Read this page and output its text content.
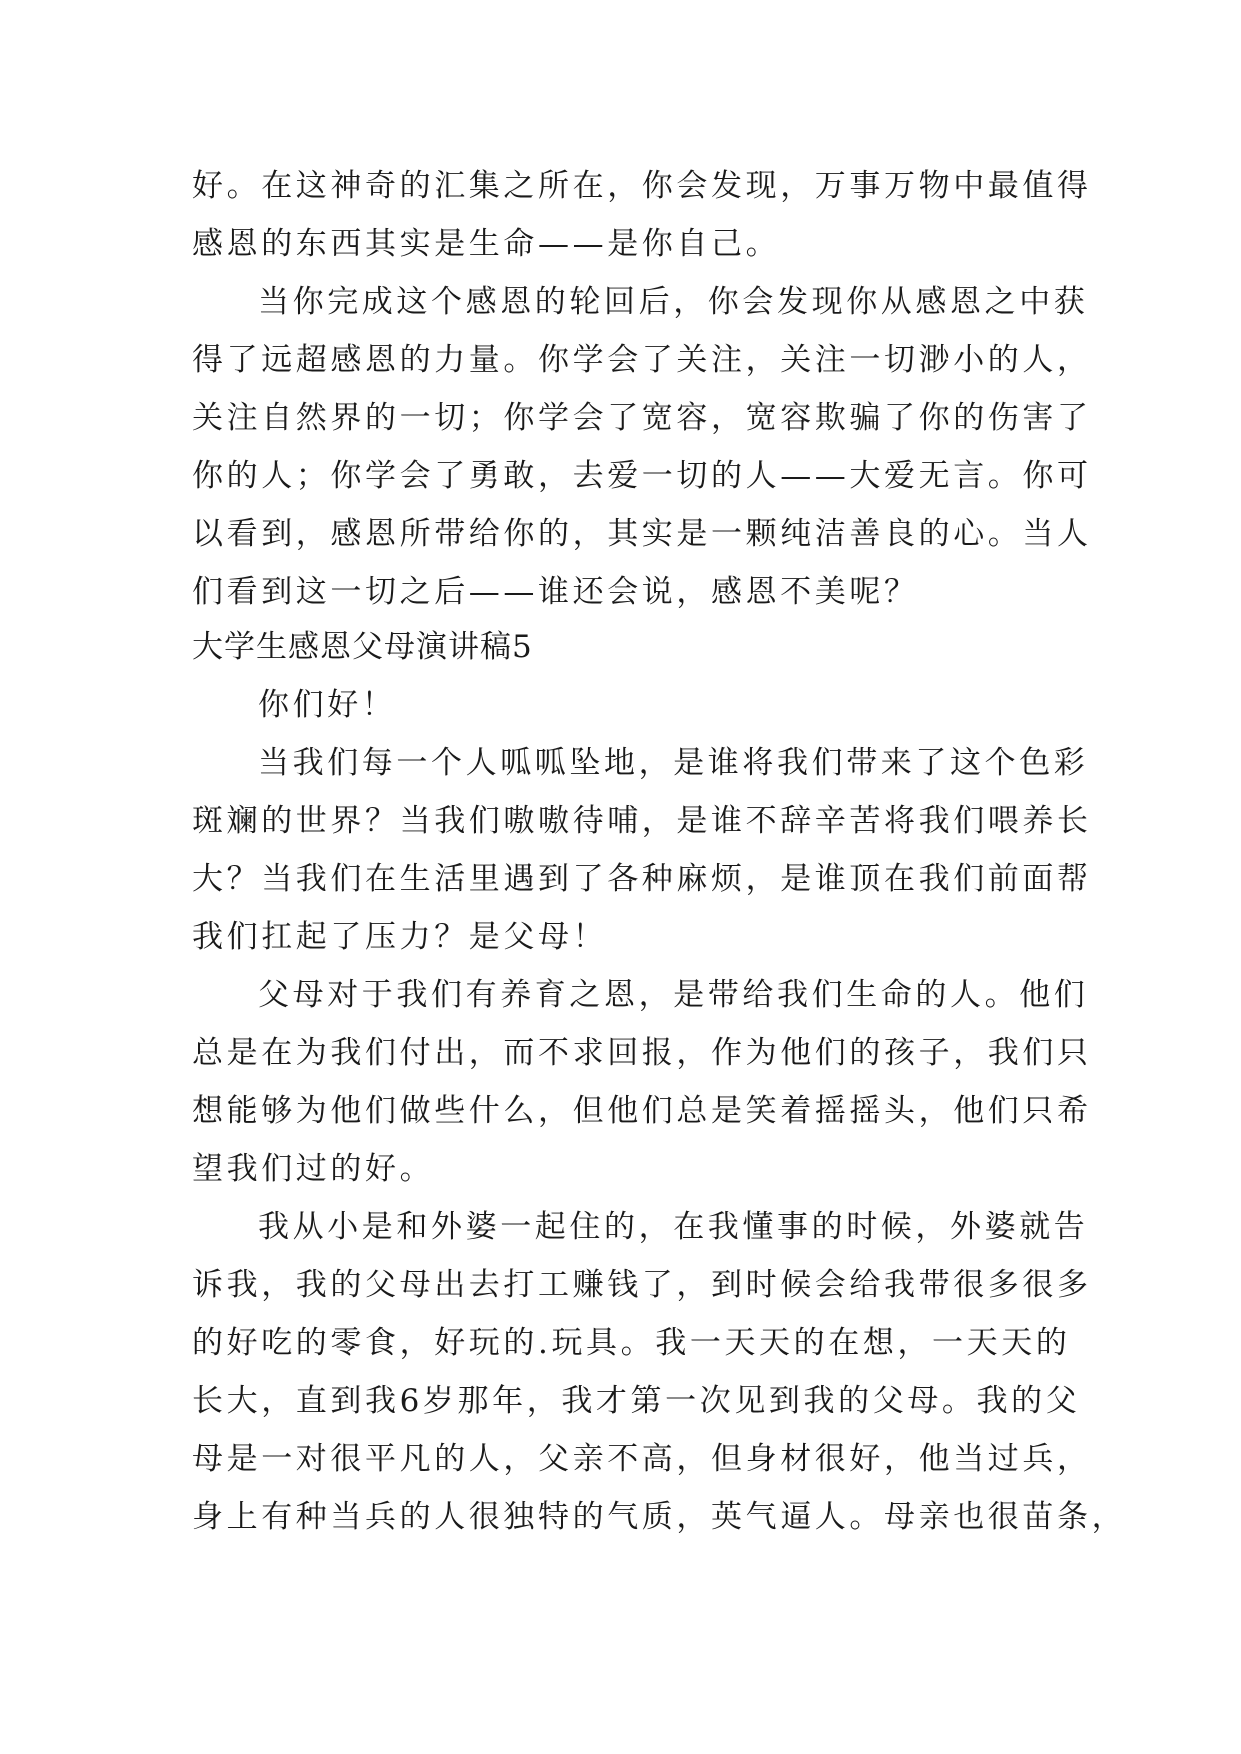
好。在这神奇的汇集之所在，你会发现，万事万物中最值得
感恩的东西其实是生命——是你自己。
当你完成这个感恩的轮回后，你会发现你从感恩之中获
得了远超感恩的力量。你学会了关注，关注一切渺小的人，
关注自然界的一切；你学会了宽容，宽容欺骗了你的伤害了
你的人；你学会了勇敢，去爱一切的人——大爱无言。你可
以看到，感恩所带给你的，其实是一颗纯洁善良的心。当人
们看到这一切之后——谁还会说，感恩不美呢？
大学生感恩父母演讲稿5
你们好！
当我们每一个人呱呱坠地，是谁将我们带来了这个色彩
斑斓的世界？当我们嗷嗷待哺，是谁不辞辛苦将我们喂养长
大？当我们在生活里遇到了各种麻烦，是谁顶在我们前面帮
我们扛起了压力？是父母！
父母对于我们有养育之恩，是带给我们生命的人。他们
总是在为我们付出，而不求回报，作为他们的孩子，我们只
想能够为他们做些什么，但他们总是笑着摇摇头，他们只希
望我们过的好。
我从小是和外婆一起住的，在我懂事的时候，外婆就告
诉我，我的父母出去打工赚钱了，到时候会给我带很多很多
的好吃的零食，好玩的.玩具。我一天天的在想，一天天的
长大，直到我6岁那年，我才第一次见到我的父母。我的父
母是一对很平凡的人，父亲不高，但身材很好，他当过兵，
身上有种当兵的人很独特的气质，英气逼人。母亲也很苗条，
